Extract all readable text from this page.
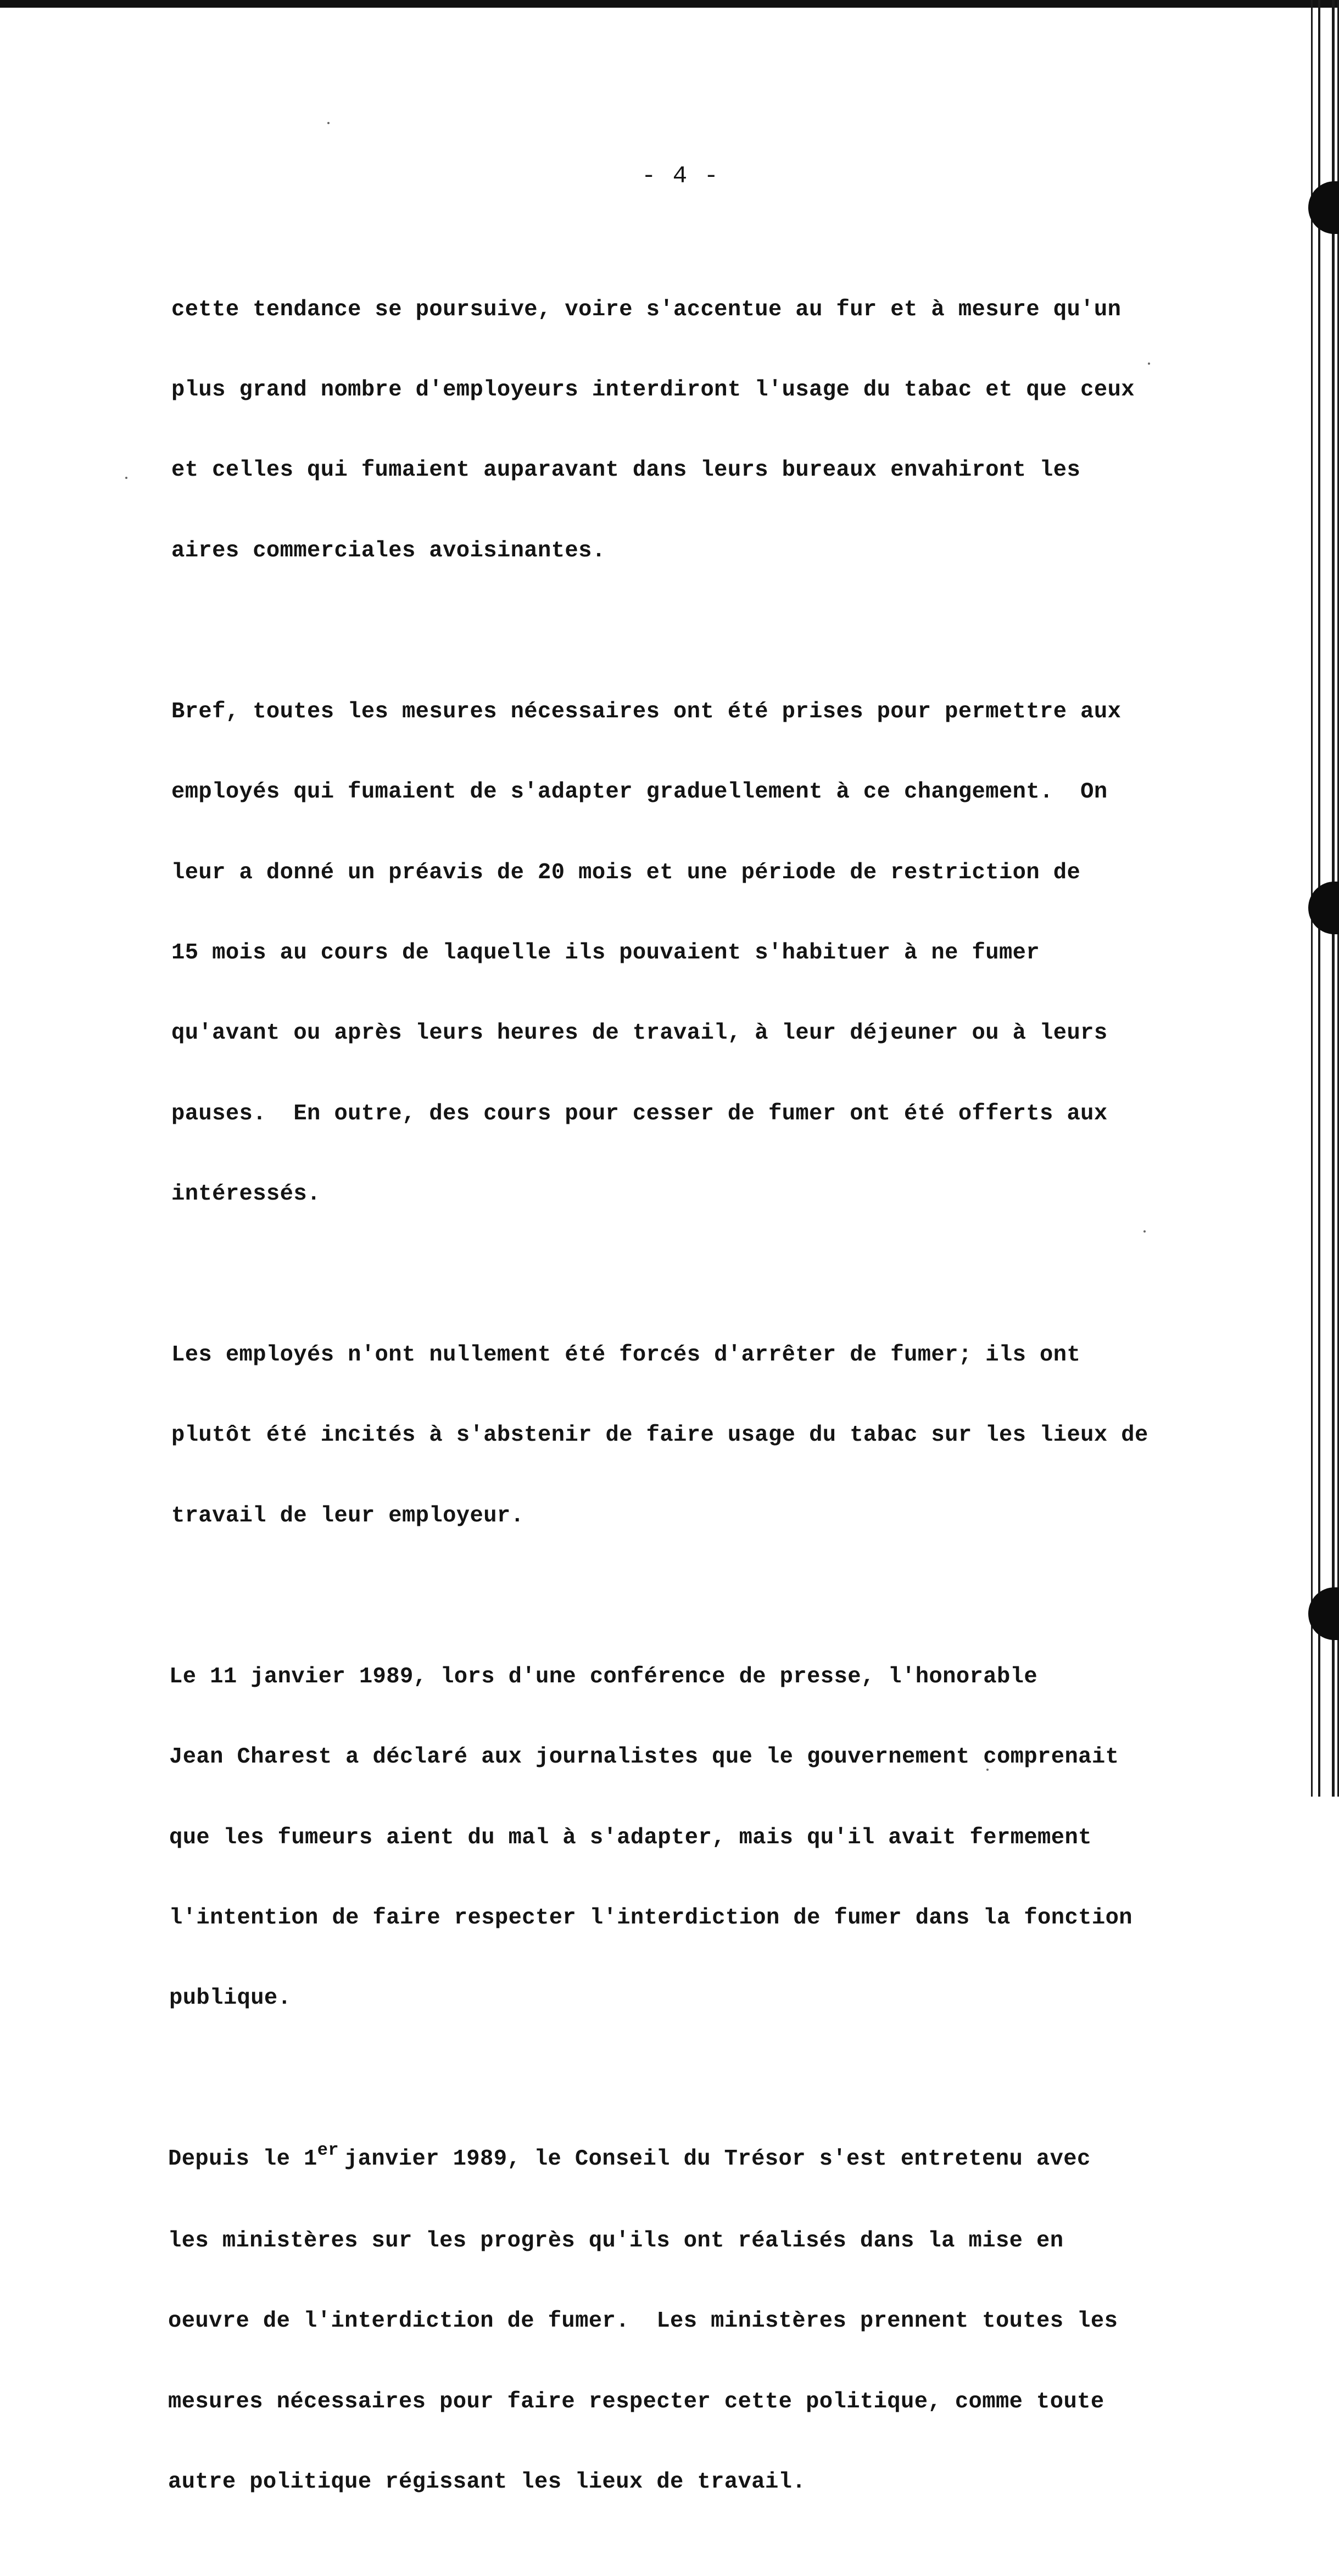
- 4 -

cette tendance se poursuive, voire s'accentue au fur et à mesure qu'un

plus grand nombre d'employeurs interdiront l'usage du tabac et que ceux

et celles qui fumaient auparavant dans leurs bureaux envahiront les

aires commerciales avoisinantes.

Bref, toutes les mesures nécessaires ont été prises pour permettre aux

employés qui fumaient de s'adapter graduellement à ce changement.  On

leur a donné un préavis de 20 mois et une période de restriction de

15 mois au cours de laquelle ils pouvaient s'habituer à ne fumer

qu'avant ou après leurs heures de travail, à leur déjeuner ou à leurs

pauses.  En outre, des cours pour cesser de fumer ont été offerts aux

intéressés.

Les employés n'ont nullement été forcés d'arrêter de fumer; ils ont

plutôt été incités à s'abstenir de faire usage du tabac sur les lieux de

travail de leur employeur.

Le 11 janvier 1989, lors d'une conférence de presse, l'honorable

Jean Charest a déclaré aux journalistes que le gouvernement comprenait

que les fumeurs aient du mal à s'adapter, mais qu'il avait fermement

l'intention de faire respecter l'interdiction de fumer dans la fonction

publique.

Depuis le 1er janvier 1989, le Conseil du Trésor s'est entretenu avec

les ministères sur les progrès qu'ils ont réalisés dans la mise en

oeuvre de l'interdiction de fumer.  Les ministères prennent toutes les

mesures nécessaires pour faire respecter cette politique, comme toute

autre politique régissant les lieux de travail.
